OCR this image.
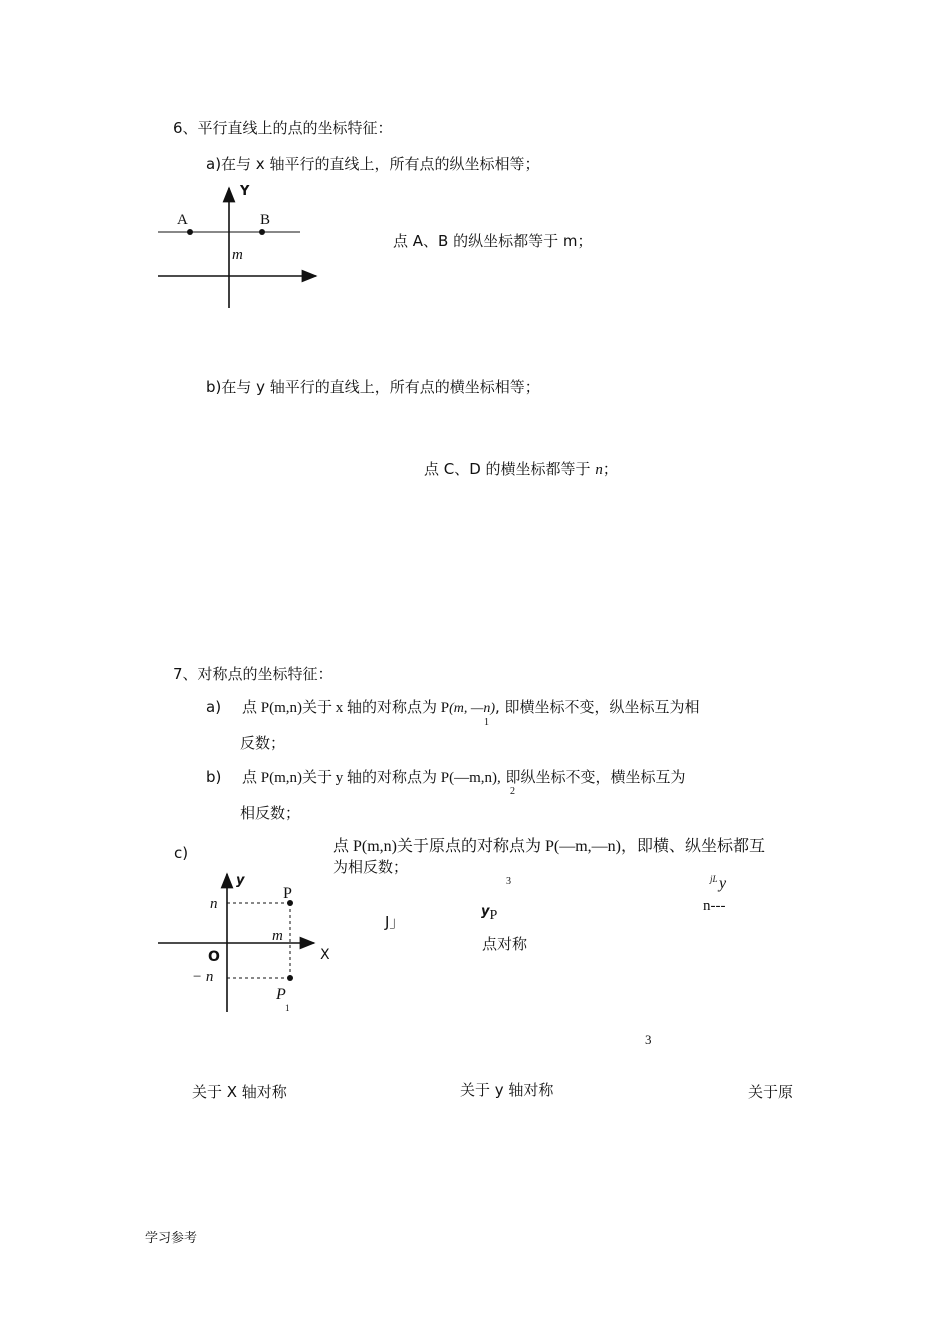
6、平行直线上的点的坐标特征：
a)在与 x 轴平行的直线上，所有点的纵坐标相等；
Y
A	B
m
点 A、B 的纵坐标都等于 m；
b)在与 y 轴平行的直线上，所有点的横坐标相等；
点 C、D 的横坐标都等于 n；
7、对称点的坐标特征：
a) 点 P(m,n)关于 x 轴的对称点为 P(m, —n), 即横坐标不变，纵坐标互为相
1
反数；
b) 点 P(m,n)关于 y 轴的对称点为 P(—m,n), 即纵坐标不变，横坐标互为
2
相反数；
c)	点 P(m,n)关于原点的对称点为 P(—m,—n)，即横、纵坐标都互
为相反数；
y
P
n
m
O	X
− n
P
1
3	jL y
n---
J」
yP
点对称
3
关于 X 轴对称	关于 y 轴对称	关于原
学习参考
